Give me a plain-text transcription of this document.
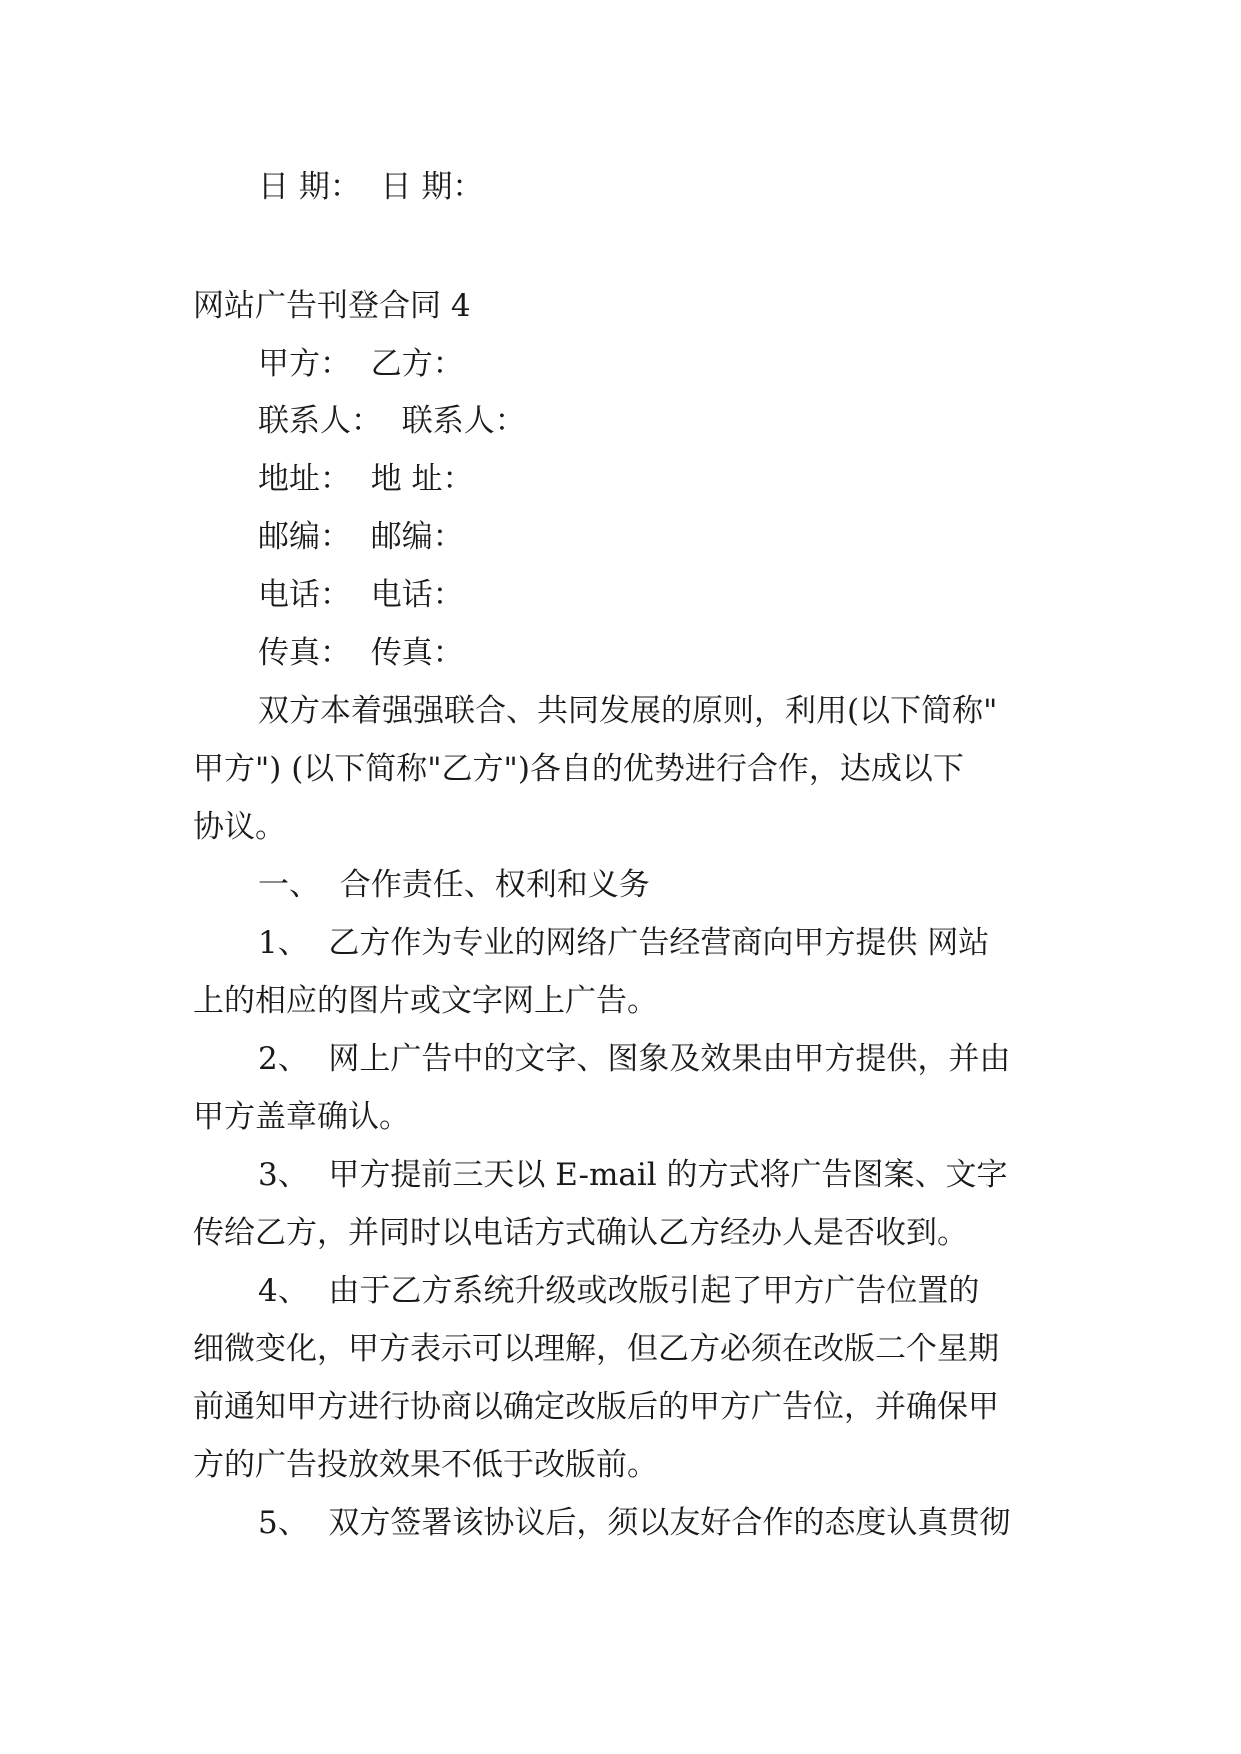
日 期：  日 期：
网站广告刊登合同 4
甲方：  乙方：
联系人：  联系人：
地址：  地 址：
邮编：  邮编：
电话：  电话：
传真：  传真：
双方本着强强联合、共同发展的原则，利用(以下简称"
甲方") (以下简称"乙方")各自的优势进行合作，达成以下
协议。
一、  合作责任、权利和义务
1、  乙方作为专业的网络广告经营商向甲方提供 网站
上的相应的图片或文字网上广告。
2、  网上广告中的文字、图象及效果由甲方提供，并由
甲方盖章确认。
3、  甲方提前三天以 E-mail 的方式将广告图案、文字
传给乙方，并同时以电话方式确认乙方经办人是否收到。
4、  由于乙方系统升级或改版引起了甲方广告位置的
细微变化，甲方表示可以理解，但乙方必须在改版二个星期
前通知甲方进行协商以确定改版后的甲方广告位，并确保甲
方的广告投放效果不低于改版前。
5、  双方签署该协议后，须以友好合作的态度认真贯彻
